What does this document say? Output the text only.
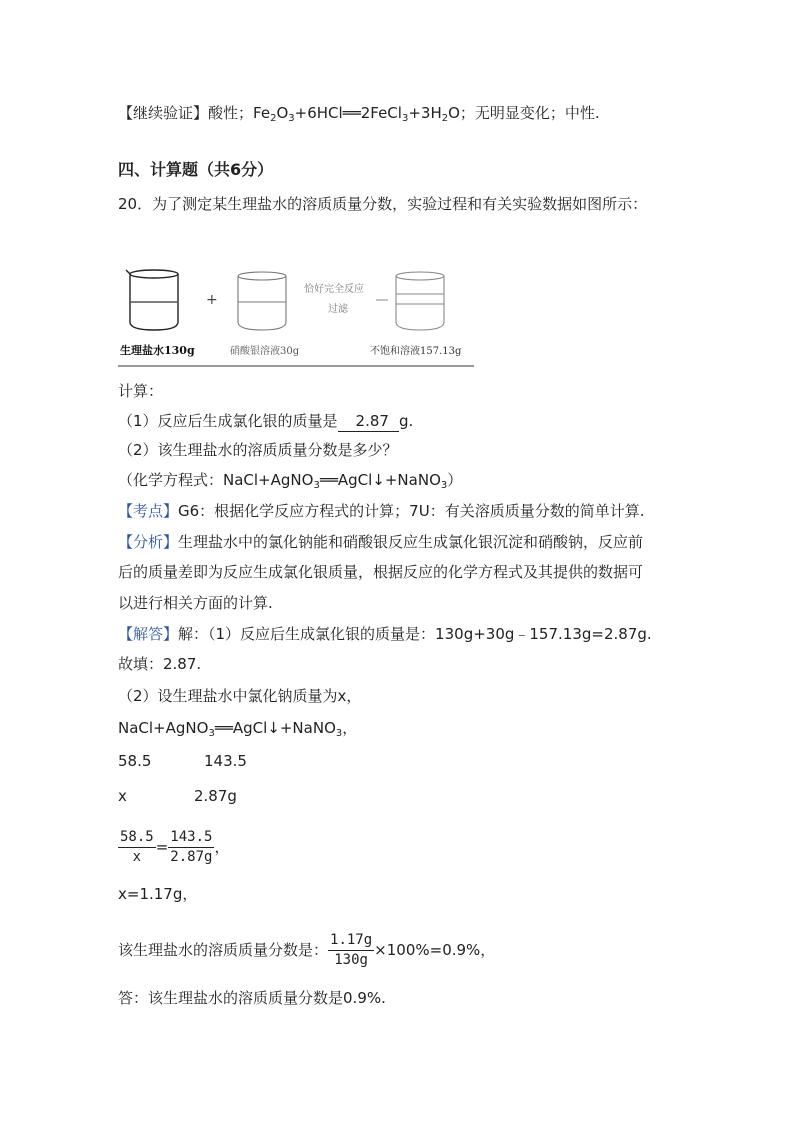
【继续验证】酸性；$Fe_2O_3+6HCl══2FeCl_3+3H_2O$；无明显变化；中性.
四、计算题（共6分）
20．为了测定某生理盐水的溶质质量分数，实验过程和有关实验数据如图所示：
+
恰好完全反应
过滤
生理盐水130g	硝酸银溶液30g	不饱和溶液157.13g
计算：
（1）反应后生成氯化银的质量是 2.87 g.
（2）该生理盐水的溶质质量分数是多少？
（化学方程式：NaCl+AgNO$_3$══AgCl↓+NaNO$_3$）
【考点】G6：根据化学反应方程式的计算；7U：有关溶质质量分数的简单计算.
【分析】生理盐水中的氯化钠能和硝酸银反应生成氯化银沉淀和硝酸钠，反应前
后的质量差即为反应生成氯化银质量，根据反应的化学方程式及其提供的数据可
以进行相关方面的计算.
【解答】解：（1）反应后生成氯化银的质量是：130g+30g﹣157.13g=2.87g.
故填：2.87.
（2）设生理盐水中氯化钠质量为x，
NaCl+AgNO$_3$══AgCl↓+NaNO$_3$，
58.5	143.5
x	2.87g
$\frac{58.5}{x} = \frac{143.5}{2.87g}$ ，
x=1.17g，
该生理盐水的溶质质量分数是： $\frac{1.17g}{130g} \times 100\%=0.9\%$，
答：该生理盐水的溶质质量分数是0.9%.
